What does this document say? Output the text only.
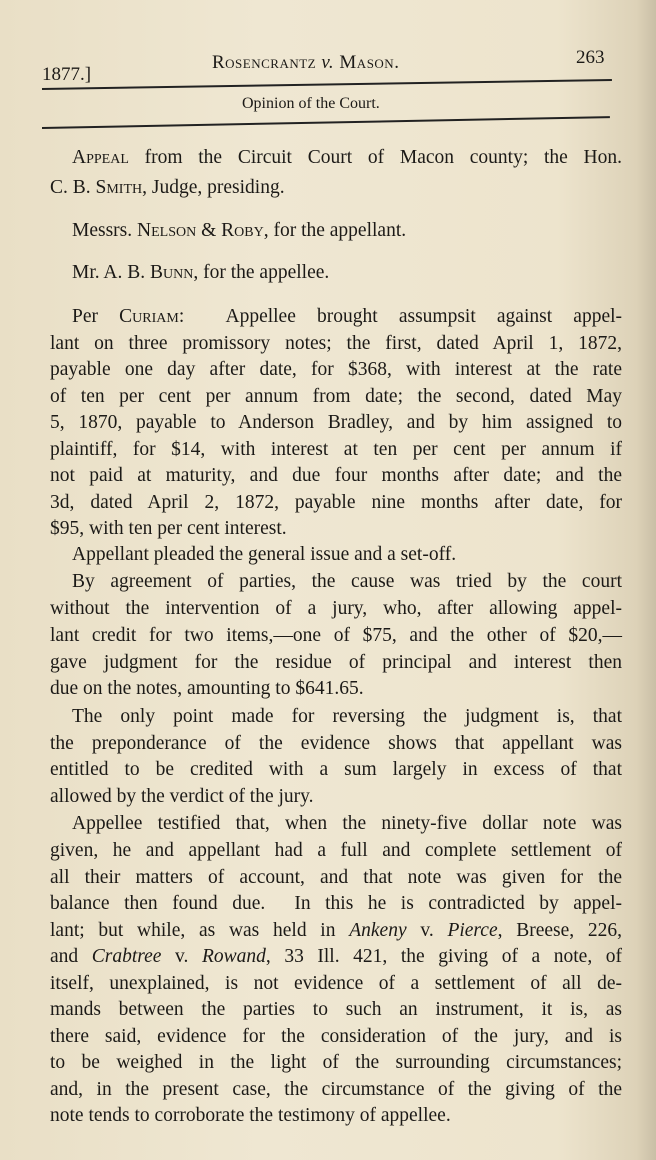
1877.]
Rosencrantz v. Mason.	263
Opinion of the Court.
Appeal from the Circuit Court of Macon county; the Hon.
C. B. Smith, Judge, presiding.
Messrs. Nelson & Roby, for the appellant.
Mr. A. B. Bunn, for the appellee.
Per Curiam:  Appellee brought assumpsit against appel-
lant on three promissory notes; the first, dated April 1, 1872,
payable one day after date, for $368, with interest at the rate
of ten per cent per annum from date; the second, dated May
5, 1870, payable to Anderson Bradley, and by him assigned to
plaintiff, for $14, with interest at ten per cent per annum if
not paid at maturity, and due four months after date; and the
3d, dated April 2, 1872, payable nine months after date, for
$95, with ten per cent interest.
Appellant pleaded the general issue and a set-off.
By agreement of parties, the cause was tried by the court
without the intervention of a jury, who, after allowing appel-
lant credit for two items,—one of $75, and the other of $20,—
gave judgment for the residue of principal and interest then
due on the notes, amounting to $641.65.
The only point made for reversing the judgment is, that
the preponderance of the evidence shows that appellant was
entitled to be credited with a sum largely in excess of that
allowed by the verdict of the jury.
Appellee testified that, when the ninety-five dollar note was
given, he and appellant had a full and complete settlement of
all their matters of account, and that note was given for the
balance then found due.  In this he is contradicted by appel-
lant; but while, as was held in Ankeny v. Pierce, Breese, 226,
and Crabtree v. Rowand, 33 Ill. 421, the giving of a note, of
itself, unexplained, is not evidence of a settlement of all de-
mands between the parties to such an instrument, it is, as
there said, evidence for the consideration of the jury, and is
to be weighed in the light of the surrounding circumstances;
and, in the present case, the circumstance of the giving of the
note tends to corroborate the testimony of appellee.
